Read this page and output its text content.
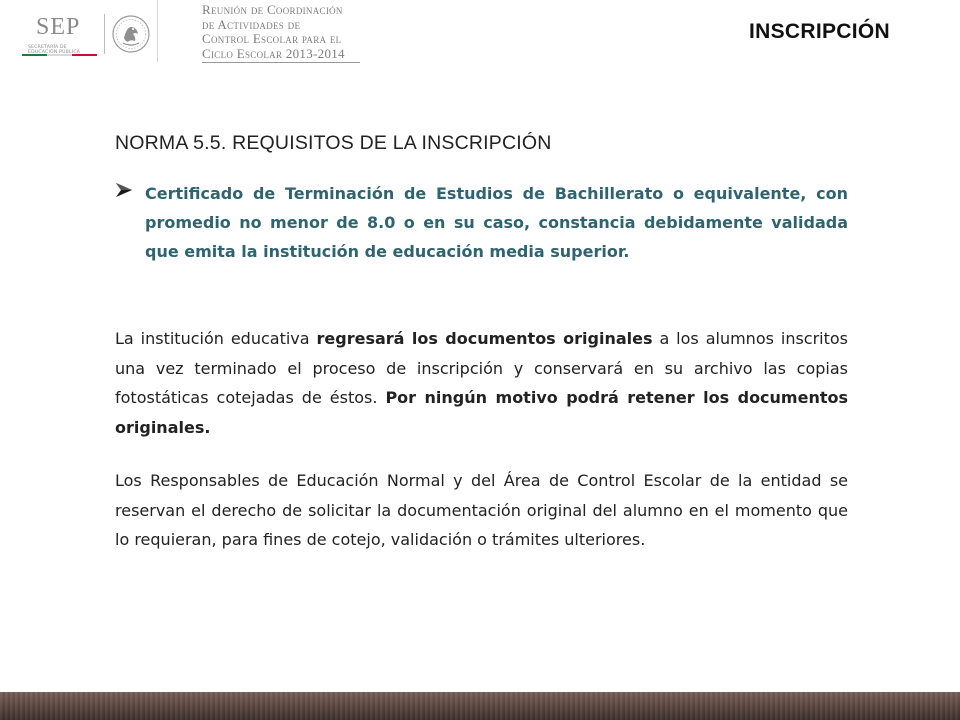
SEP
SECRETARÍA DE
EDUCACIÓN PÚBLICA
Reunión de Coordinación
de Actividades de
Control Escolar para el
Ciclo Escolar 2013-2014
INSCRIPCIÓN
NORMA 5.5. REQUISITOS DE LA INSCRIPCIÓN
Certificado de Terminación de Estudios de Bachillerato o equivalente, con promedio no menor de 8.0 o en su caso, constancia debidamente validada que emita la institución de educación media superior.

La institución educativa regresará los documentos originales a los alumnos inscritos una vez terminado el proceso de inscripción y conservará en su archivo las copias fotostáticas cotejadas de éstos. Por ningún motivo podrá retener los documentos originales.

Los Responsables de Educación Normal y del Área de Control Escolar de la entidad se reservan el derecho de solicitar la documentación original del alumno en el momento que lo requieran, para fines de cotejo, validación o trámites ulteriores.
